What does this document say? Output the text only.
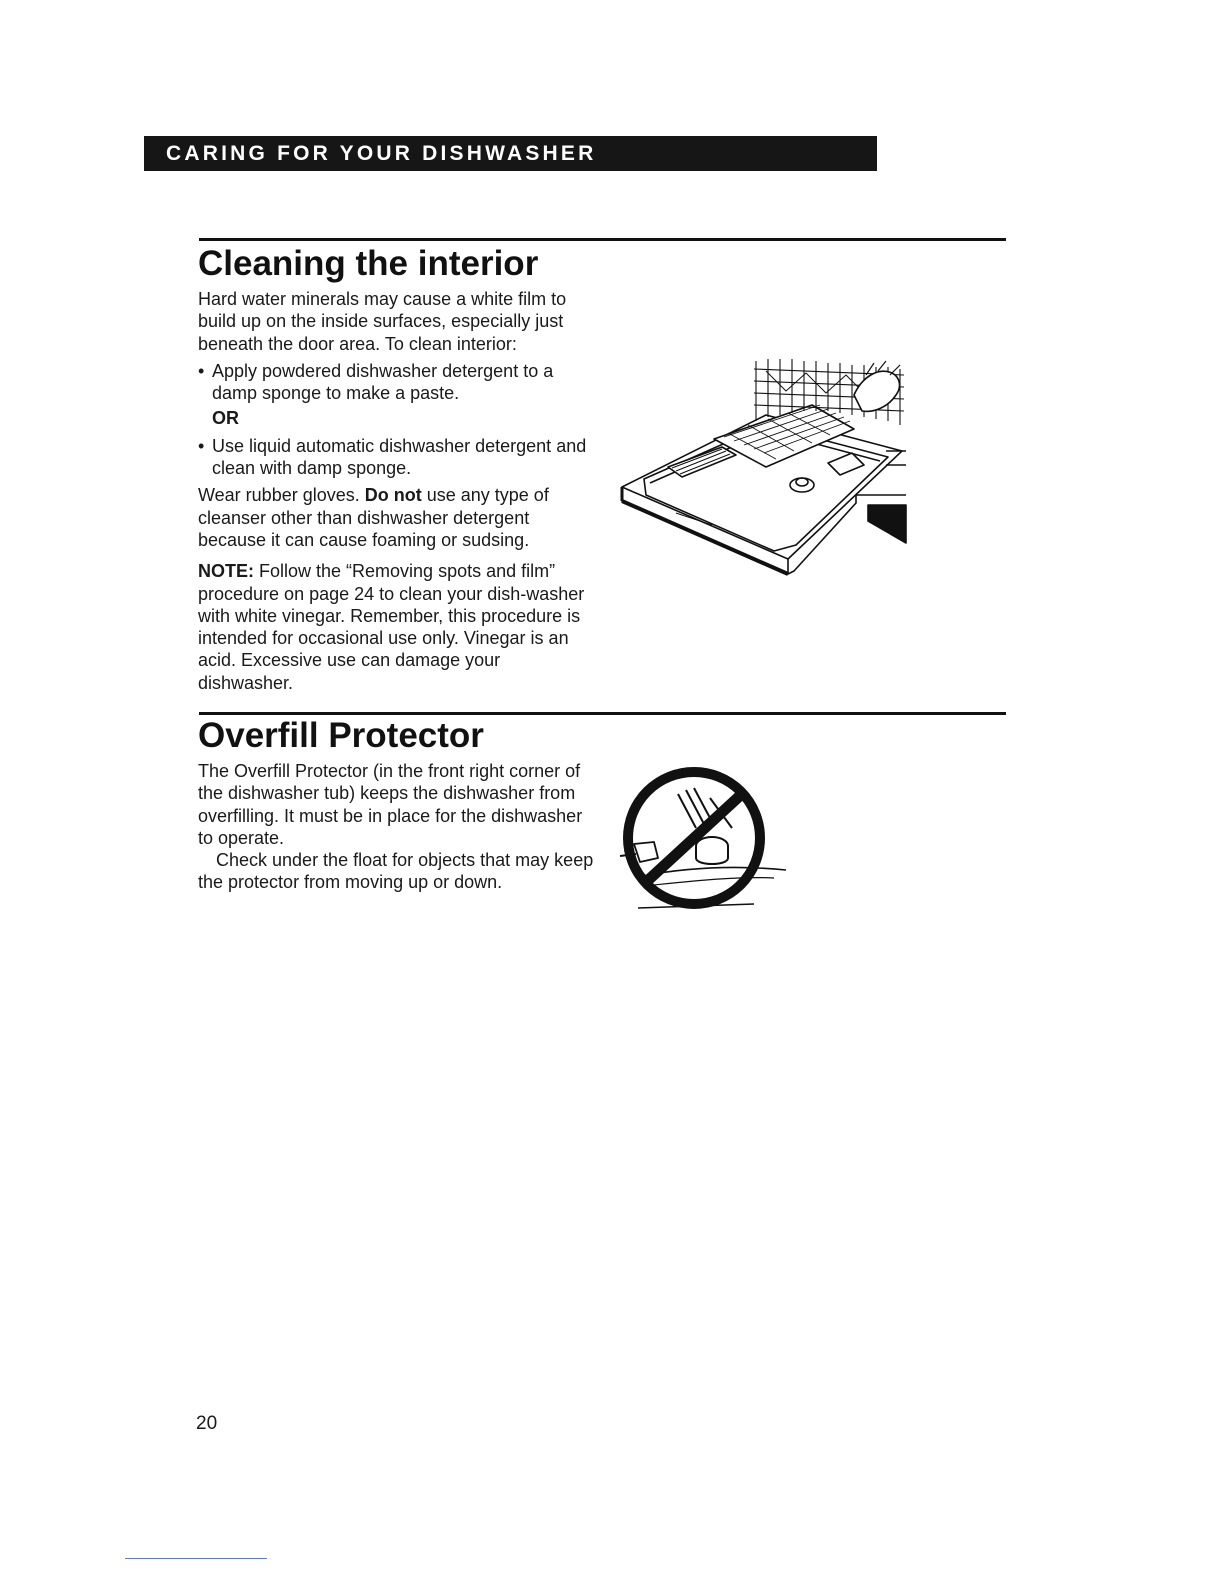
CARING FOR YOUR DISHWASHER
Cleaning the interior

Hard water minerals may cause a white film to build up on the inside surfaces, especially just beneath the door area. To clean interior:

• Apply powdered dishwasher detergent to a damp sponge to make a paste.

OR

• Use liquid automatic dishwasher detergent and clean with damp sponge.

Wear rubber gloves. Do not use any type of cleanser other than dishwasher detergent because it can cause foaming or sudsing.

NOTE: Follow the “Removing spots and film” procedure on page 24 to clean your dish-washer with white vinegar. Remember, this procedure is intended for occasional use only. Vinegar is an acid. Excessive use can damage your dishwasher.

Overfill Protector

The Overfill Protector (in the front right corner of the dishwasher tub) keeps the dishwasher from overfilling. It must be in place for the dishwasher to operate.

Check under the float for objects that may keep the protector from moving up or down.

20
